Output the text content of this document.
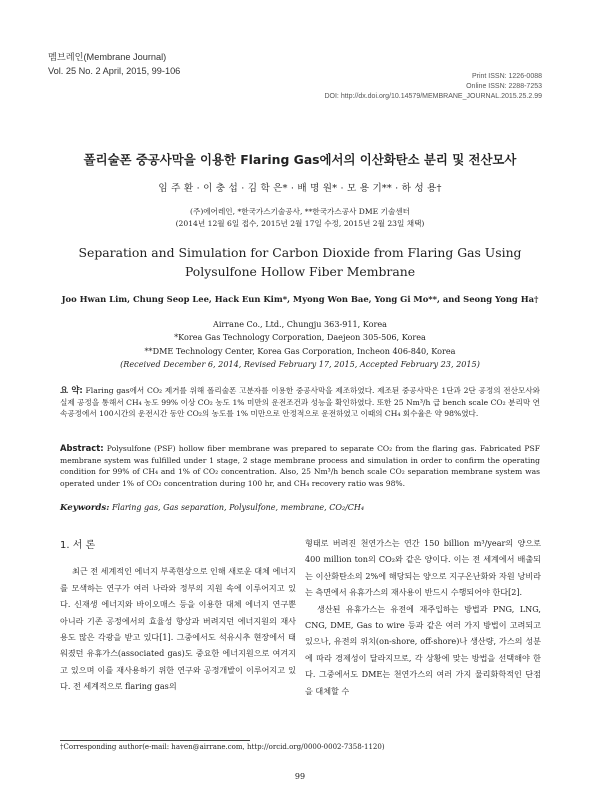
멤브레인(Membrane Journal)
Vol. 25 No. 2 April, 2015, 99-106
Print ISSN: 1226-0088
Online ISSN: 2288-7253
DOI: http://dx.doi.org/10.14579/MEMBRANE_JOURNAL.2015.25.2.99
폴리술폰 중공사막을 이용한 Flaring Gas에서의 이산화탄소 분리 및 전산모사
임 주 환 · 이 충 섭 · 김 학 은* · 배 명 원* · 모 용 기** · 하 성 용†
(주)에어레인, *한국가스기술공사, **한국가스공사 DME 기술센터
(2014년 12월 6일 접수, 2015년 2월 17일 수정, 2015년 2월 23일 채택)
Separation and Simulation for Carbon Dioxide from Flaring Gas Using Polysulfone Hollow Fiber Membrane
Joo Hwan Lim, Chung Seop Lee, Hack Eun Kim*, Myong Won Bae, Yong Gi Mo**, and Seong Yong Ha†
Airrane Co., Ltd., Chungju 363-911, Korea
*Korea Gas Technology Corporation, Daejeon 305-506, Korea
**DME Technology Center, Korea Gas Corporation, Incheon 406-840, Korea
(Received December 6, 2014, Revised February 17, 2015, Accepted February 23, 2015)
요 약: Flaring gas에서 CO₂ 제거를 위해 폴리술폰 고분자를 이용한 중공사막을 제조하였다. 제조된 중공사막은 1단과 2단 공정의 전산모사와 실제 공정을 통해서 CH₄ 농도 99% 이상 CO₂ 농도 1% 미만의 운전조건과 성능을 확인하였다. 또한 25 Nm³/h 급 bench scale CO₂ 분리막 연속공정에서 100시간의 운전시간 동안 CO₂의 농도를 1% 미만으로 안정적으로 운전하였고 이때의 CH₄ 회수율은 약 98%였다.
Abstract: Polysulfone (PSF) hollow fiber membrane was prepared to separate CO₂ from the flaring gas. Fabricated PSF membrane system was fulfilled under 1 stage, 2 stage membrane process and simulation in order to confirm the operating condition for 99% of CH₄ and 1% of CO₂ concentration. Also, 25 Nm³/h bench scale CO₂ separation membrane system was operated under 1% of CO₂ concentration during 100 hr, and CH₄ recovery ratio was 98%.
Keywords: Flaring gas, Gas separation, Polysulfone, membrane, CO₂/CH₄
1. 서 론

최근 전 세계적인 에너지 부족현상으로 인해 새로운 대체 에너지를 모색하는 연구가 여러 나라와 정부의 지원 속에 이루어지고 있다. 신재생 에너지와 바이오매스 등을 이용한 대체 에너지 연구뿐 아니라 기존 공정에서의 효율성 향상과 버려지던 에너지원의 재사용도 많은 각광을 받고 있다[1]. 그중에서도 석유시추 현장에서 태워졌던 유휴가스(associated gas)도 중요한 에너지원으로 여겨지고 있으며 이를 재사용하기 위한 연구와 공정개발이 이루어지고 있다. 전 세계적으로 flaring gas의

형태로 버려진 천연가스는 연간 150 billion m³/year의 양으로 400 million ton의 CO₂와 같은 양이다. 이는 전 세계에서 배출되는 이산화탄소의 2%에 해당되는 양으로 지구온난화와 자원 낭비라는 측면에서 유휴가스의 재사용이 반드시 수행되어야 한다[2].

생산된 유휴가스는 유전에 재주입하는 방법과 PNG, LNG, CNG, DME, Gas to wire 등과 같은 여러 가지 방법이 고려되고 있으나, 유전의 위치(on-shore, off-shore)나 생산량, 가스의 성분에 따라 경제성이 달라지므로, 각 상황에 맞는 방법을 선택해야 한다. 그중에서도 DME는 천연가스의 여러 가지 물리화학적인 단점을 대체할 수

†Corresponding author(e-mail: haven@airrane.com, http://orcid.org/0000-0002-7358-1120)
99
